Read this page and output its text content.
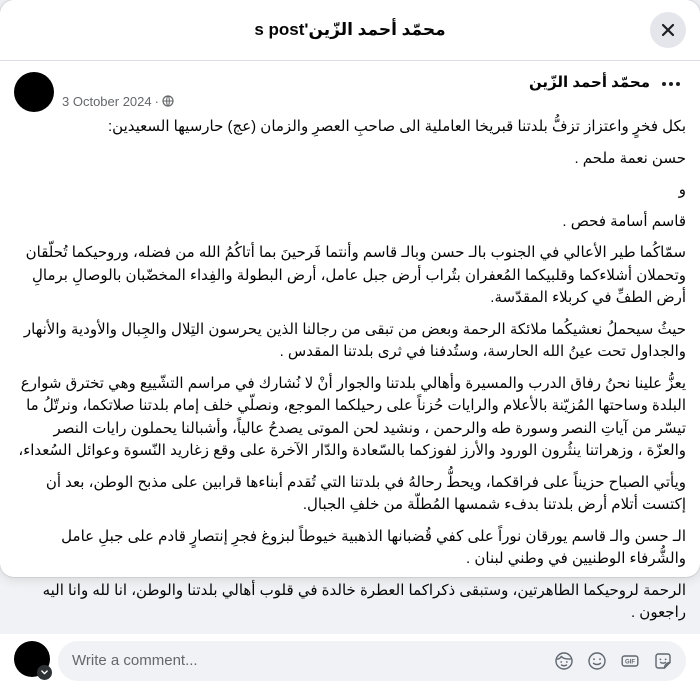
محمّد أحمد الزّين's post
محمّد أحمد الزّين
3 October 2024 ·

بكل فخرٍ واعتزاز تزفُّ بلدتنا قبريخا العاملية الى صاحبِ العصرِ والزمان (عج) حارسيها السعيدين:

حسن نعمة ملحم .

و

قاسم أسامة فحص .

سمّاكُما طير الأعالي في الجنوب بالـ حسن وبالـ قاسم وأنتما فَرحينَ بما أتاكُمُ الله من فضله، وروحيكما تُحلّقان وتحملان أشلاءكما وقلبيكما المُعفران بتُراب أرض جبل عامل، أرض البطولة والفِداء المخضّبان بالوصالِ برمالِ أرض الطفِّ في كربلاء المقدّسة.

حيثُ سيحملُ نعشيكُما ملائكة الرحمة وبعض من تبقى من رجالنا الذين يحرسون التِلال والجِبال والأودية والأنهار والجداول تحت عينُ الله الحارسة، وستُدفنا في ثرى بلدتنا المقدس .

يعزُّ علينا نحنُ رفاق الدرب والمسيرة وأهالي بلدتنا والجوار أنْ لا نُشارك في مراسم التشّييع وهي تخترق شوارع البلدة وساحتها المُزيّنة بالأعلام والرايات حُزناً على رحيلكما الموجع، ونصلّي خلف إمام بلدتنا صلاتكما، ونرتّلُ ما تيسّر من آياتِ النصر وسورة طه والرحمن ، ونشيد لحن الموتى يصدحُ عالياً، وأشبالنا يحملون رايات النصر والعزّة ، وزهراتنا ينثُرون الورود والأرز لفوزكما بالسّعادة والدّار الآخرة على وقع زغاريد النّسوة وعوائل السُعداء،

ويأتي الصباح حزيناً على فراقكما، ويحطُّ رحالهُ في بلدتنا التي تُقدم أبناءها قرابين على مذبح الوطن، بعد أن إكتست أتلام أرض بلدتنا بدفء شمسها المُطلّة من خلفِ الجبال.

الـ حسن والـ قاسم يورقان نوراً على كفي قُضبانها الذهبية خيوطاً لبزوغ فجرِ إنتصارٍ قادم على جبلِ عامل والشُّرفاء الوطنيين في وطني لبنان .

الرحمة لروحيكما الطاهرتين، وستبقى ذكراكما العطرة خالدة في قلوب أهالي بلدتنا والوطن، انا لله وانا اليه راجعون .

Write a comment...	GIF
